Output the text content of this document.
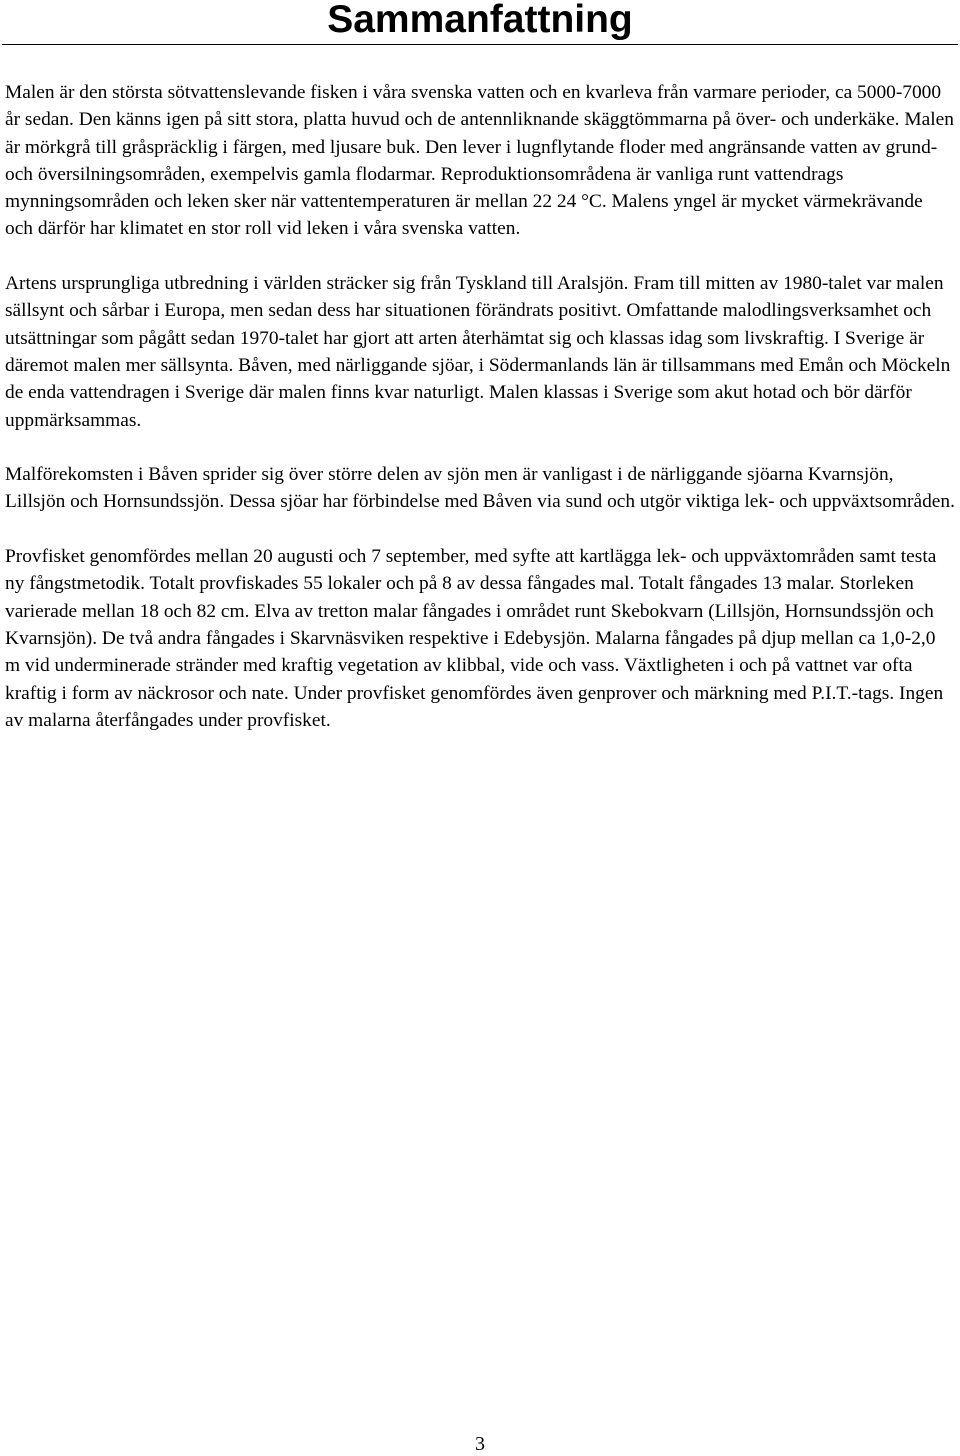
Sammanfattning

Malen är den största sötvattenslevande fisken i våra svenska vatten och en kvarleva från varmare perioder, ca 5000-7000 år sedan. Den känns igen på sitt stora, platta huvud och de antennliknande skäggtömmarna på över- och underkäke. Malen är mörkgrå till gråspräcklig i färgen, med ljusare buk. Den lever i lugnflytande floder med angränsande vatten av grund- och översilningsområden, exempelvis gamla flodarmar. Reproduktionsområdena är vanliga runt vattendrags mynningsområden och leken sker när vattentemperaturen är mellan 22 24 °C. Malens yngel är mycket värmekrävande och därför har klimatet en stor roll vid leken i våra svenska vatten.

Artens ursprungliga utbredning i världen sträcker sig från Tyskland till Aralsjön. Fram till mitten av 1980-talet var malen sällsynt och sårbar i Europa, men sedan dess har situationen förändrats positivt. Omfattande malodlingsverksamhet och utsättningar som pågått sedan 1970-talet har gjort att arten återhämtat sig och klassas idag som livskraftig. I Sverige är däremot malen mer sällsynta. Båven, med närliggande sjöar, i Södermanlands län är tillsammans med Emån och Möckeln de enda vattendragen i Sverige där malen finns kvar naturligt. Malen klassas i Sverige som akut hotad och bör därför uppmärksammas.

Malförekomsten i Båven sprider sig över större delen av sjön men är vanligast i de närliggande sjöarna Kvarnsjön, Lillsjön och Hornsundssjön. Dessa sjöar har förbindelse med Båven via sund och utgör viktiga lek- och uppväxtsområden.

Provfisket genomfördes mellan 20 augusti och 7 september, med syfte att kartlägga lek- och uppväxtområden samt testa ny fångstmetodik. Totalt provfiskades 55 lokaler och på 8 av dessa fångades mal. Totalt fångades 13 malar. Storleken varierade mellan 18 och 82 cm. Elva av tretton malar fångades i området runt Skebokvarn (Lillsjön, Hornsundssjön och Kvarnsjön). De två andra fångades i Skarvnäsviken respektive i Edebysjön. Malarna fångades på djup mellan ca 1,0-2,0 m vid underminerade stränder med kraftig vegetation av klibbal, vide och vass. Växtligheten i och på vattnet var ofta kraftig i form av näckrosor och nate. Under provfisket genomfördes även genprover och märkning med P.I.T.-tags. Ingen av malarna återfångades under provfisket.

3
